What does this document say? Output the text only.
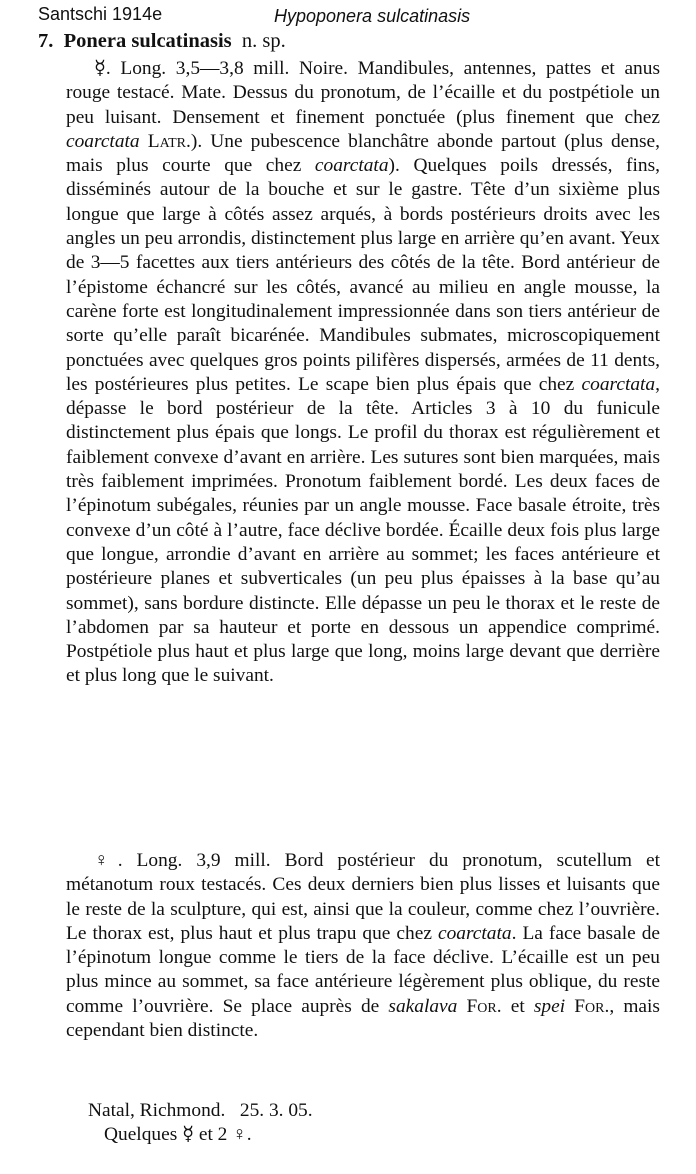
Santschi 1914e	Hypoponera sulcatinasis
7. Ponera sulcatinasis n. sp.

☿. Long. 3,5—3,8 mill. Noire. Mandibules, antennes, pattes et anus rouge testacé. Mate. Dessus du pronotum, de l’écaille et du postpétiole un peu luisant. Densement et finement ponctuée (plus finement que chez coarctata Latr.). Une pubescence blanchâtre abonde partout (plus dense, mais plus courte que chez coarctata). Quelques poils dressés, fins, disséminés autour de la bouche et sur le gastre. Tête d’un sixième plus longue que large à côtés assez arqués, à bords postérieurs droits avec les angles un peu arrondis, distinctement plus large en arrière qu’en avant. Yeux de 3—5 facettes aux tiers antérieurs des côtés de la tête. Bord antérieur de l’épistome échancré sur les côtés, avancé au milieu en angle mousse, la carène forte est longitudinalement impressionnée dans son tiers antérieur de sorte qu’elle paraît bicarénée. Mandibules submates, microscopiquement ponctuées avec quelques gros points pilifères dispersés, armées de 11 dents, les postérieures plus petites. Le scape bien plus épais que chez coarctata, dépasse le bord postérieur de la tête. Articles 3 à 10 du funicule distinctement plus épais que longs. Le profil du thorax est régulièrement et faiblement convexe d’avant en arrière. Les sutures sont bien marquées, mais très faiblement imprimées. Pronotum faiblement bordé. Les deux faces de l’épinotum subégales, réunies par un angle mousse. Face basale étroite, très convexe d’un côté à l’autre, face déclive bordée. Écaille deux fois plus large que longue, arrondie d’avant en arrière au sommet; les faces antérieure et postérieure planes et subverticales (un peu plus épaisses à la base qu’au sommet), sans bordure distincte. Elle dépasse un peu le thorax et le reste de l’abdomen par sa hauteur et porte en dessous un appendice comprimé. Postpétiole plus haut et plus large que long, moins large devant que derrière et plus long que le suivant.

♀. Long. 3,9 mill. Bord postérieur du pronotum, scutellum et métanotum roux testacés. Ces deux derniers bien plus lisses et luisants que le reste de la sculpture, qui est, ainsi que la couleur, comme chez l’ouvrière. Le thorax est, plus haut et plus trapu que chez coarctata. La face basale de l’épinotum longue comme le tiers de la face déclive. L’écaille est un peu plus mince au sommet, sa face antérieure légèrement plus oblique, du reste comme l’ouvrière. Se place auprès de sakalava For. et spei For., mais cependant bien distincte.

Natal, Richmond.   25. 3. 05.
Quelques ☿ et 2 ♀.
